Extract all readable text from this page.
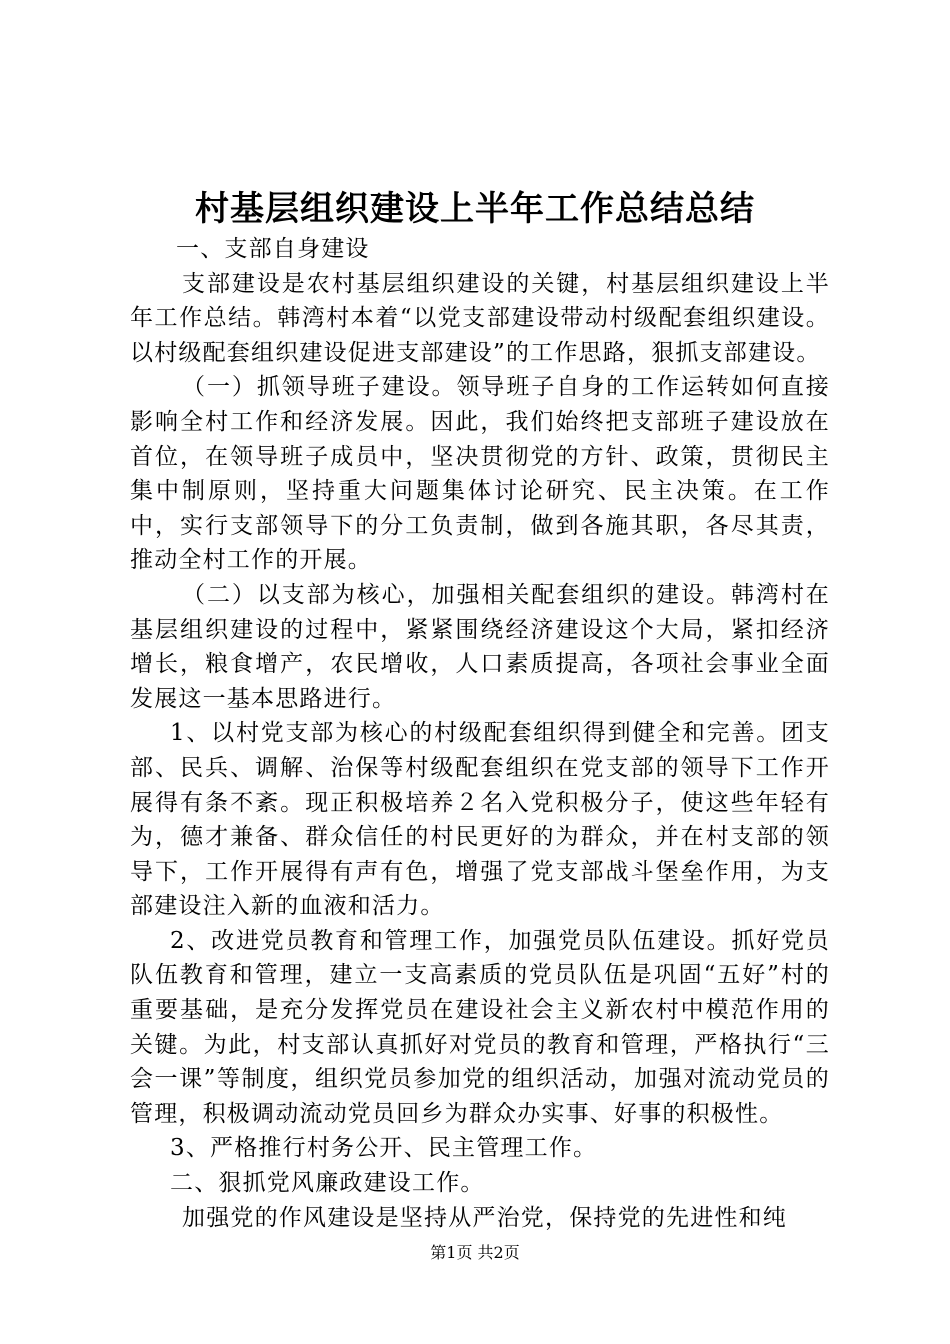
村基层组织建设上半年工作总结总结

一、支部自身建设

支部建设是农村基层组织建设的关键，村基层组织建设上半年工作总结。韩湾村本着“以党支部建设带动村级配套组织建设。以村级配套组织建设促进支部建设”的工作思路，狠抓支部建设。

（一）抓领导班子建设。领导班子自身的工作运转如何直接影响全村工作和经济发展。因此，我们始终把支部班子建设放在首位，在领导班子成员中，坚决贯彻党的方针、政策，贯彻民主集中制原则，坚持重大问题集体讨论研究、民主决策。在工作中，实行支部领导下的分工负责制，做到各施其职，各尽其责，推动全村工作的开展。

（二）以支部为核心，加强相关配套组织的建设。韩湾村在基层组织建设的过程中，紧紧围绕经济建设这个大局，紧扣经济增长，粮食增产，农民增收，人口素质提高，各项社会事业全面发展这一基本思路进行。

1、以村党支部为核心的村级配套组织得到健全和完善。团支部、民兵、调解、治保等村级配套组织在党支部的领导下工作开展得有条不紊。现正积极培养２名入党积极分子，使这些年轻有为，德才兼备、群众信任的村民更好的为群众，并在村支部的领导下，工作开展得有声有色，增强了党支部战斗堡垒作用，为支部建设注入新的血液和活力。

2、改进党员教育和管理工作，加强党员队伍建设。抓好党员队伍教育和管理，建立一支高素质的党员队伍是巩固“五好”村的重要基础，是充分发挥党员在建设社会主义新农村中模范作用的关键。为此，村支部认真抓好对党员的教育和管理，严格执行“三会一课”等制度，组织党员参加党的组织活动，加强对流动党员的管理，积极调动流动党员回乡为群众办实事、好事的积极性。

3、严格推行村务公开、民主管理工作。

二、狠抓党风廉政建设工作。

加强党的作风建设是坚持从严治党，保持党的先进性和纯

第1页 共2页
